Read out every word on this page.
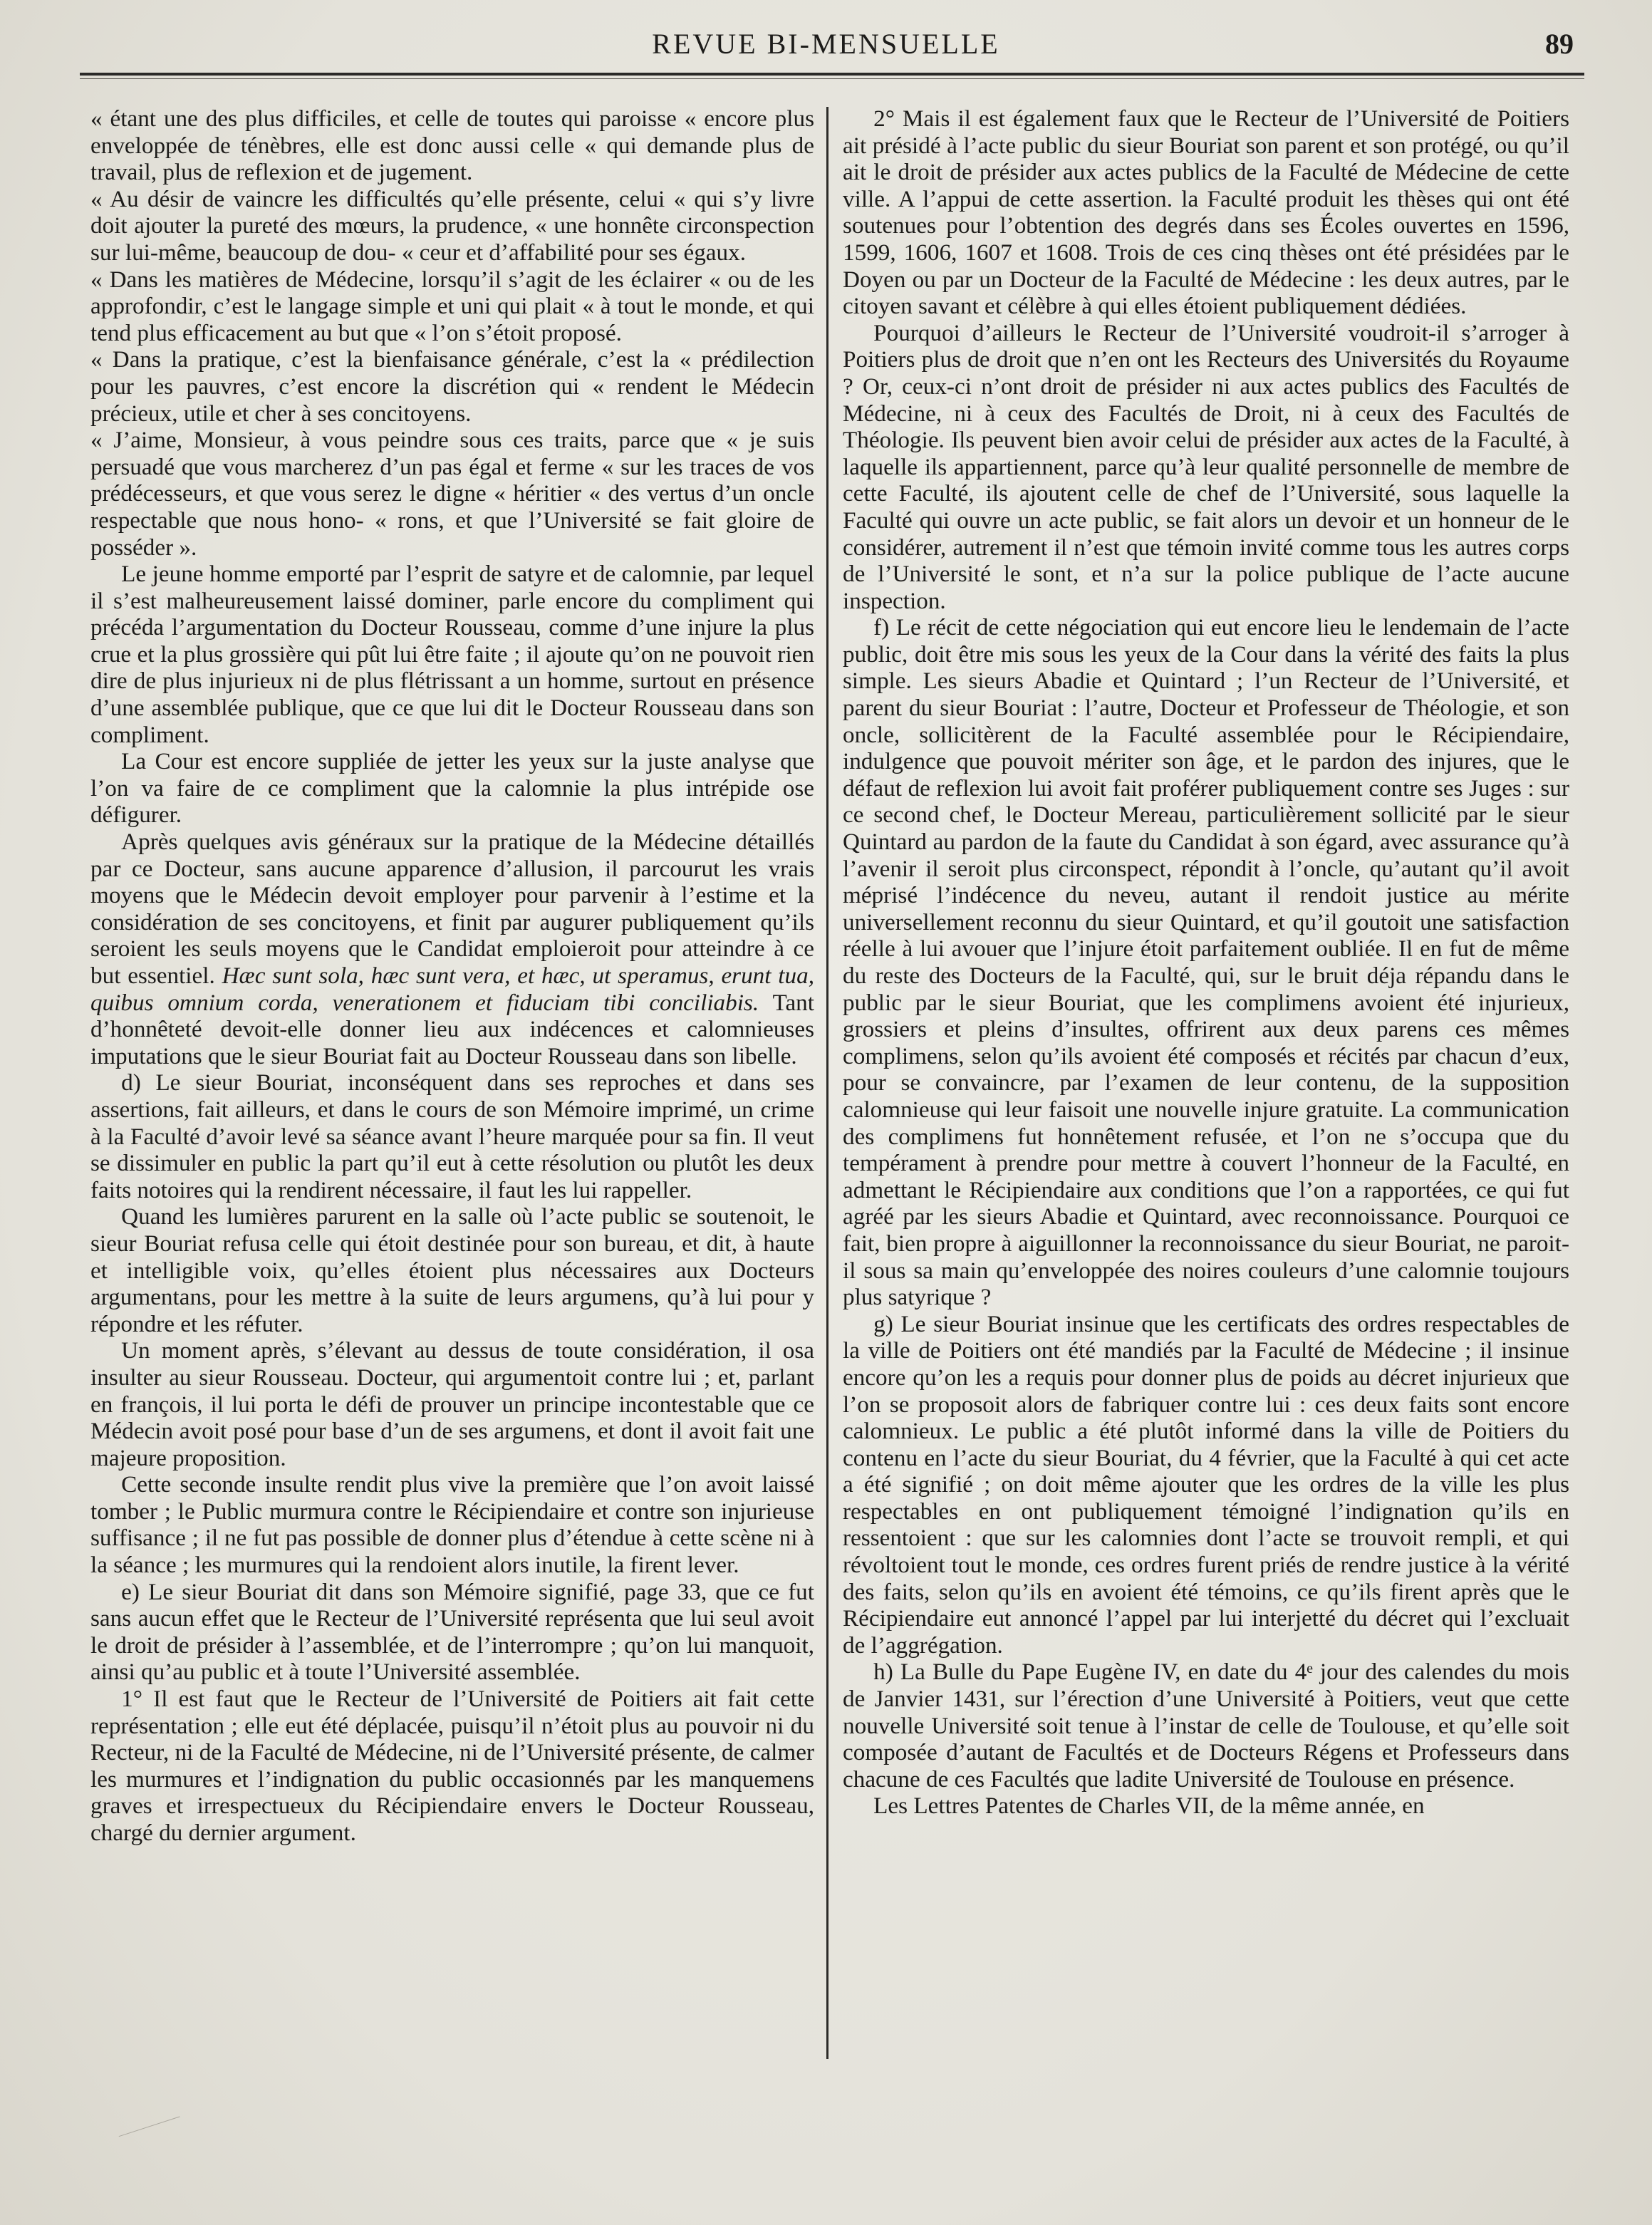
REVUE BI-MENSUELLE	89

« étant une des plus difficiles, et celle de toutes qui paroisse « encore plus enveloppée de ténèbres, elle est donc aussi celle « qui demande plus de travail, plus de reflexion et de jugement.

« Au désir de vaincre les difficultés qu’elle présente, celui « qui s’y livre doit ajouter la pureté des mœurs, la prudence, « une honnête circonspection sur lui-même, beaucoup de dou- « ceur et d’affabilité pour ses égaux.

« Dans les matières de Médecine, lorsqu’il s’agit de les éclairer « ou de les approfondir, c’est le langage simple et uni qui plait « à tout le monde, et qui tend plus efficacement au but que « l’on s’étoit proposé.

« Dans la pratique, c’est la bienfaisance générale, c’est la « prédilection pour les pauvres, c’est encore la discrétion qui « rendent le Médecin précieux, utile et cher à ses concitoyens.

« J’aime, Monsieur, à vous peindre sous ces traits, parce que « je suis persuadé que vous marcherez d’un pas égal et ferme « sur les traces de vos prédécesseurs, et que vous serez le digne « héritier « des vertus d’un oncle respectable que nous hono- « rons, et que l’Université se fait gloire de posséder ».

Le jeune homme emporté par l’esprit de satyre et de calomnie, par lequel il s’est malheureusement laissé dominer, parle encore du compliment qui précéda l’argumentation du Docteur Rousseau, comme d’une injure la plus crue et la plus grossière qui pût lui être faite ; il ajoute qu’on ne pouvoit rien dire de plus injurieux ni de plus flétrissant a un homme, surtout en présence d’une assemblée publique, que ce que lui dit le Docteur Rousseau dans son compliment.

La Cour est encore suppliée de jetter les yeux sur la juste analyse que l’on va faire de ce compliment que la calomnie la plus intrépide ose défigurer.

Après quelques avis généraux sur la pratique de la Médecine détaillés par ce Docteur, sans aucune apparence d’allusion, il parcourut les vrais moyens que le Médecin devoit employer pour parvenir à l’estime et la considération de ses concitoyens, et finit par augurer publiquement qu’ils seroient les seuls moyens que le Candidat emploieroit pour atteindre à ce but essentiel. Hæc sunt sola, hæc sunt vera, et hæc, ut speramus, erunt tua, quibus omnium corda, venerationem et fiduciam tibi conciliabis. Tant d’honnêteté devoit-elle donner lieu aux indécences et calomnieuses imputations que le sieur Bouriat fait au Docteur Rousseau dans son libelle.

d) Le sieur Bouriat, inconséquent dans ses reproches et dans ses assertions, fait ailleurs, et dans le cours de son Mémoire imprimé, un crime à la Faculté d’avoir levé sa séance avant l’heure marquée pour sa fin. Il veut se dissimuler en public la part qu’il eut à cette résolution ou plutôt les deux faits notoires qui la rendirent nécessaire, il faut les lui rappeller.

Quand les lumières parurent en la salle où l’acte public se soutenoit, le sieur Bouriat refusa celle qui étoit destinée pour son bureau, et dit, à haute et intelligible voix, qu’elles étoient plus nécessaires aux Docteurs argumentans, pour les mettre à la suite de leurs argumens, qu’à lui pour y répondre et les réfuter.

Un moment après, s’élevant au dessus de toute considération, il osa insulter au sieur Rousseau. Docteur, qui argumentoit contre lui ; et, parlant en françois, il lui porta le défi de prouver un principe incontestable que ce Médecin avoit posé pour base d’un de ses argumens, et dont il avoit fait une majeure proposition.

Cette seconde insulte rendit plus vive la première que l’on avoit laissé tomber ; le Public murmura contre le Récipiendaire et contre son injurieuse suffisance ; il ne fut pas possible de donner plus d’étendue à cette scène ni à la séance ; les murmures qui la rendoient alors inutile, la firent lever.

e) Le sieur Bouriat dit dans son Mémoire signifié, page 33, que ce fut sans aucun effet que le Recteur de l’Université représenta que lui seul avoit le droit de présider à l’assemblée, et de l’interrompre ; qu’on lui manquoit, ainsi qu’au public et à toute l’Université assemblée.

1° Il est faut que le Recteur de l’Université de Poitiers ait fait cette représentation ; elle eut été déplacée, puisqu’il n’étoit plus au pouvoir ni du Recteur, ni de la Faculté de Médecine, ni de l’Université présente, de calmer les murmures et l’indignation du public occasionnés par les manquemens graves et irrespectueux du Récipiendaire envers le Docteur Rousseau, chargé du dernier argument.

2° Mais il est également faux que le Recteur de l’Université de Poitiers ait présidé à l’acte public du sieur Bouriat son parent et son protégé, ou qu’il ait le droit de présider aux actes publics de la Faculté de Médecine de cette ville. A l’appui de cette assertion. la Faculté produit les thèses qui ont été soutenues pour l’obtention des degrés dans ses Écoles ouvertes en 1596, 1599, 1606, 1607 et 1608. Trois de ces cinq thèses ont été présidées par le Doyen ou par un Docteur de la Faculté de Médecine : les deux autres, par le citoyen savant et célèbre à qui elles étoient publiquement dédiées.

Pourquoi d’ailleurs le Recteur de l’Université voudroit-il s’arroger à Poitiers plus de droit que n’en ont les Recteurs des Universités du Royaume ? Or, ceux-ci n’ont droit de présider ni aux actes publics des Facultés de Médecine, ni à ceux des Facultés de Droit, ni à ceux des Facultés de Théologie. Ils peuvent bien avoir celui de présider aux actes de la Faculté, à laquelle ils appartiennent, parce qu’à leur qualité personnelle de membre de cette Faculté, ils ajoutent celle de chef de l’Université, sous laquelle la Faculté qui ouvre un acte public, se fait alors un devoir et un honneur de le considérer, autrement il n’est que témoin invité comme tous les autres corps de l’Université le sont, et n’a sur la police publique de l’acte aucune inspection.

f) Le récit de cette négociation qui eut encore lieu le lendemain de l’acte public, doit être mis sous les yeux de la Cour dans la vérité des faits la plus simple. Les sieurs Abadie et Quintard ; l’un Recteur de l’Université, et parent du sieur Bouriat : l’autre, Docteur et Professeur de Théologie, et son oncle, sollicitèrent de la Faculté assemblée pour le Récipiendaire, indulgence que pouvoit mériter son âge, et le pardon des injures, que le défaut de reflexion lui avoit fait proférer publiquement contre ses Juges : sur ce second chef, le Docteur Mereau, particulièrement sollicité par le sieur Quintard au pardon de la faute du Candidat à son égard, avec assurance qu’à l’avenir il seroit plus circonspect, répondit à l’oncle, qu’autant qu’il avoit méprisé l’indécence du neveu, autant il rendoit justice au mérite universellement reconnu du sieur Quintard, et qu’il goutoit une satisfaction réelle à lui avouer que l’injure étoit parfaitement oubliée. Il en fut de même du reste des Docteurs de la Faculté, qui, sur le bruit déja répandu dans le public par le sieur Bouriat, que les complimens avoient été injurieux, grossiers et pleins d’insultes, offrirent aux deux parens ces mêmes complimens, selon qu’ils avoient été composés et récités par chacun d’eux, pour se convaincre, par l’examen de leur contenu, de la supposition calomnieuse qui leur faisoit une nouvelle injure gratuite. La communication des complimens fut honnêtement refusée, et l’on ne s’occupa que du tempérament à prendre pour mettre à couvert l’honneur de la Faculté, en admettant le Récipiendaire aux conditions que l’on a rapportées, ce qui fut agréé par les sieurs Abadie et Quintard, avec reconnoissance. Pourquoi ce fait, bien propre à aiguillonner la reconnoissance du sieur Bouriat, ne paroit-il sous sa main qu’enveloppée des noires couleurs d’une calomnie toujours plus satyrique ?

g) Le sieur Bouriat insinue que les certificats des ordres respectables de la ville de Poitiers ont été mandiés par la Faculté de Médecine ; il insinue encore qu’on les a requis pour donner plus de poids au décret injurieux que l’on se proposoit alors de fabriquer contre lui : ces deux faits sont encore calomnieux. Le public a été plutôt informé dans la ville de Poitiers du contenu en l’acte du sieur Bouriat, du 4 février, que la Faculté à qui cet acte a été signifié ; on doit même ajouter que les ordres de la ville les plus respectables en ont publiquement témoigné l’indignation qu’ils en ressentoient : que sur les calomnies dont l’acte se trouvoit rempli, et qui révoltoient tout le monde, ces ordres furent priés de rendre justice à la vérité des faits, selon qu’ils en avoient été témoins, ce qu’ils firent après que le Récipiendaire eut annoncé l’appel par lui interjetté du décret qui l’excluait de l’aggrégation.

h) La Bulle du Pape Eugène IV, en date du 4ᵉ jour des calendes du mois de Janvier 1431, sur l’érection d’une Université à Poitiers, veut que cette nouvelle Université soit tenue à l’instar de celle de Toulouse, et qu’elle soit composée d’autant de Facultés et de Docteurs Régens et Professeurs dans chacune de ces Facultés que ladite Université de Toulouse en présence.

Les Lettres Patentes de Charles VII, de la même année, en
